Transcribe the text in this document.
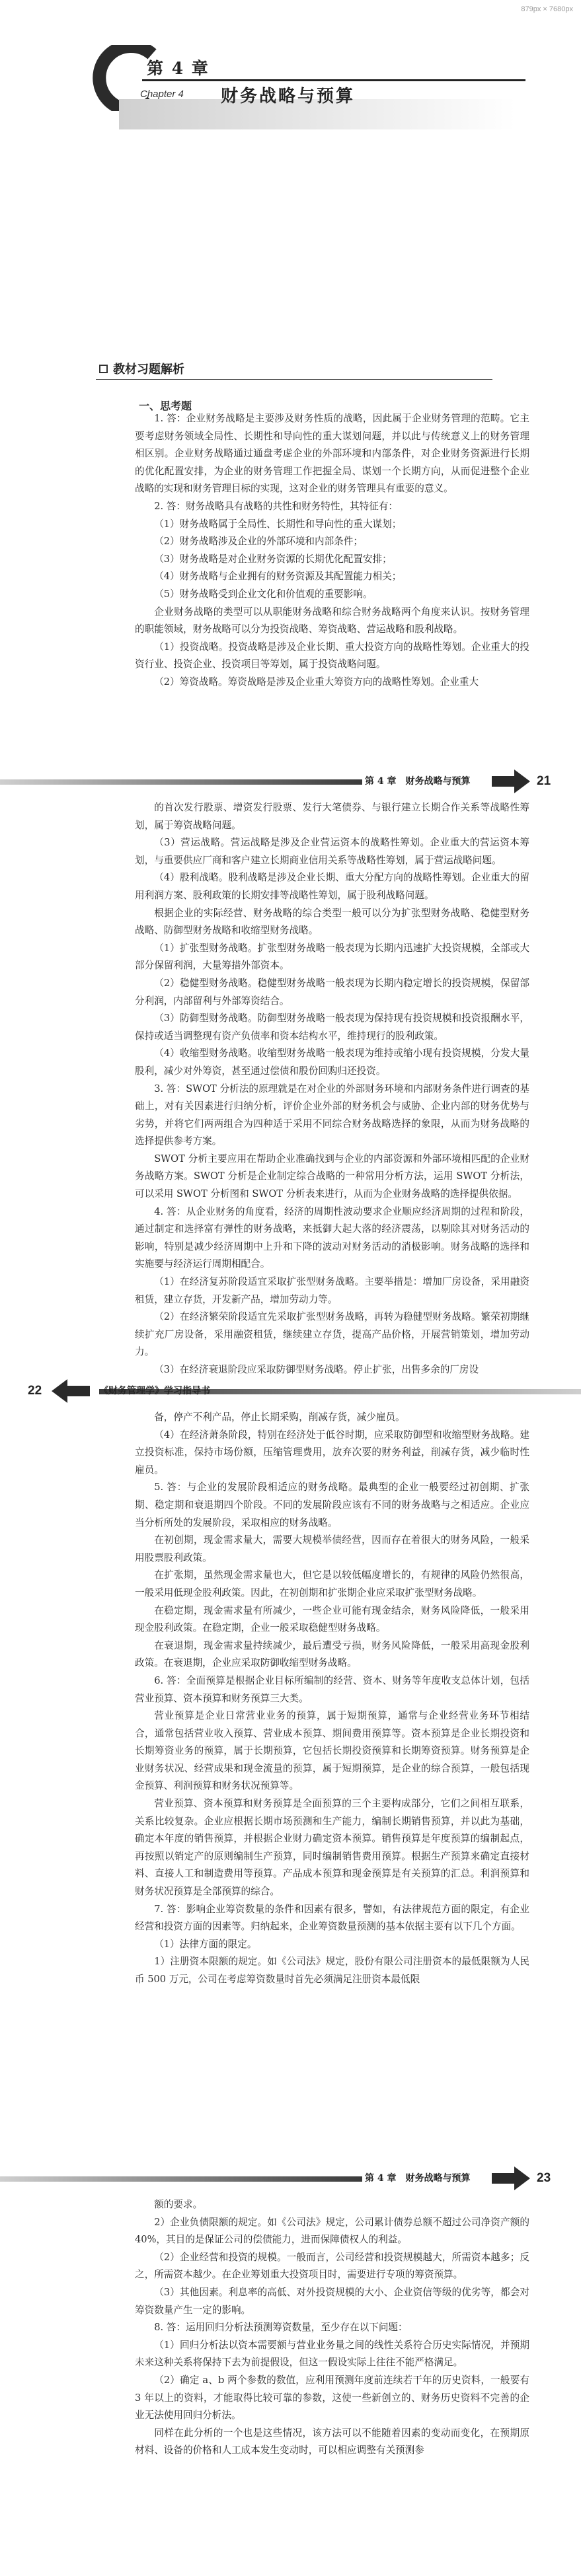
879px × 7680px
第 4 章
Chapter 4 财务战略与预算
教材习题解析
一、思考题

1. 答：企业财务战略是主要涉及财务性质的战略，因此属于企业财务管理的范畴。它主要考虑财务领域全局性、长期性和导向性的重大谋划问题，并以此与传统意义上的财务管理相区别。企业财务战略通过通盘考虑企业的外部环境和内部条件，对企业财务资源进行长期的优化配置安排，为企业的财务管理工作把握全局、谋划一个长期方向，从而促进整个企业战略的实现和财务管理目标的实现，这对企业的财务管理具有重要的意义。

2. 答：财务战略具有战略的共性和财务特性，其特征有：

（1）财务战略属于全局性、长期性和导向性的重大谋划；

（2）财务战略涉及企业的外部环境和内部条件；

（3）财务战略是对企业财务资源的长期优化配置安排；

（4）财务战略与企业拥有的财务资源及其配置能力相关；

（5）财务战略受到企业文化和价值观的重要影响。

企业财务战略的类型可以从职能财务战略和综合财务战略两个角度来认识。按财务管理的职能领域，财务战略可以分为投资战略、筹资战略、营运战略和股利战略。

（1）投资战略。投资战略是涉及企业长期、重大投资方向的战略性筹划。企业重大的投资行业、投资企业、投资项目等筹划，属于投资战略问题。

（2）筹资战略。筹资战略是涉及企业重大筹资方向的战略性筹划。企业重大

的首次发行股票、增资发行股票、发行大笔债券、与银行建立长期合作关系等战略性筹划，属于筹资战略问题。

（3）营运战略。营运战略是涉及企业营运资本的战略性筹划。企业重大的营运资本筹划，与重要供应厂商和客户建立长期商业信用关系等战略性筹划，属于营运战略问题。

（4）股利战略。股利战略是涉及企业长期、重大分配方向的战略性筹划。企业重大的留用利润方案、股利政策的长期安排等战略性筹划，属于股利战略问题。

根据企业的实际经营、财务战略的综合类型一般可以分为扩张型财务战略、稳健型财务战略、防御型财务战略和收缩型财务战略。

（1）扩张型财务战略。扩张型财务战略一般表现为长期内迅速扩大投资规模，全部或大部分保留利润，大量筹措外部资本。

（2）稳健型财务战略。稳健型财务战略一般表现为长期内稳定增长的投资规模，保留部分利润，内部留利与外部筹资结合。

（3）防御型财务战略。防御型财务战略一般表现为保持现有投资规模和投资报酬水平，保持或适当调整现有资产负债率和资本结构水平，维持现行的股利政策。

（4）收缩型财务战略。收缩型财务战略一般表现为维持或缩小现有投资规模，分发大量股利，减少对外筹资，甚至通过偿债和股份回购归还投资。

3. 答：SWOT 分析法的原理就是在对企业的外部财务环境和内部财务条件进行调查的基础上，对有关因素进行归纳分析，评价企业外部的财务机会与威胁、企业内部的财务优势与劣势，并将它们两两组合为四种适于采用不同综合财务战略选择的象限，从而为财务战略的选择提供参考方案。

SWOT 分析主要应用在帮助企业准确找到与企业的内部资源和外部环境相匹配的企业财务战略方案。SWOT 分析是企业制定综合战略的一种常用分析方法，运用 SWOT 分析法，可以采用 SWOT 分析图和 SWOT 分析表来进行，从而为企业财务战略的选择提供依据。

4. 答：从企业财务的角度看，经济的周期性波动要求企业顺应经济周期的过程和阶段，通过制定和选择富有弹性的财务战略，来抵御大起大落的经济震荡，以剔除其对财务活动的影响，特别是减少经济周期中上升和下降的波动对财务活动的消极影响。财务战略的选择和实施要与经济运行周期相配合。

（1）在经济复苏阶段适宜采取扩张型财务战略。主要举措是：增加厂房设备，采用融资租赁，建立存货，开发新产品，增加劳动力等。

（2）在经济繁荣阶段适宜先采取扩张型财务战略，再转为稳健型财务战略。繁荣初期继续扩充厂房设备，采用融资租赁，继续建立存货，提高产品价格，开展营销策划，增加劳动力。

（3）在经济衰退阶段应采取防御型财务战略。停止扩张，出售多余的厂房设

备，停产不利产品，停止长期采购，削减存货，减少雇员。

（4）在经济萧条阶段，特别在经济处于低谷时期，应采取防御型和收缩型财务战略。建立投资标准，保持市场份额，压缩管理费用，放弃次要的财务利益，削减存货，减少临时性雇员。

5. 答：与企业的发展阶段相适应的财务战略。最典型的企业一般要经过初创期、扩张期、稳定期和衰退期四个阶段。不同的发展阶段应该有不同的财务战略与之相适应。企业应当分析所处的发展阶段，采取相应的财务战略。

在初创期，现金需求量大，需要大规模举债经营，因而存在着很大的财务风险，一般采用股票股利政策。

在扩张期，虽然现金需求量也大，但它是以较低幅度增长的，有规律的风险仍然很高，一般采用低现金股利政策。因此，在初创期和扩张期企业应采取扩张型财务战略。

在稳定期，现金需求量有所减少，一些企业可能有现金结余，财务风险降低，一般采用现金股利政策。在稳定期，企业一般采取稳健型财务战略。

在衰退期，现金需求量持续减少，最后遭受亏损，财务风险降低，一般采用高现金股利政策。在衰退期，企业应采取防御收缩型财务战略。

6. 答：全面预算是根据企业目标所编制的经营、资本、财务等年度收支总体计划，包括营业预算、资本预算和财务预算三大类。

营业预算是企业日常营业业务的预算，属于短期预算，通常与企业经营业务环节相结合，通常包括营业收入预算、营业成本预算、期间费用预算等。资本预算是企业长期投资和长期筹资业务的预算，属于长期预算，它包括长期投资预算和长期筹资预算。财务预算是企业财务状况、经营成果和现金流量的预算，属于短期预算，是企业的综合预算，一般包括现金预算、利润预算和财务状况预算等。

营业预算、资本预算和财务预算是全面预算的三个主要构成部分，它们之间相互联系，关系比较复杂。企业应根据长期市场预测和生产能力，编制长期销售预算，并以此为基础，确定本年度的销售预算，并根据企业财力确定资本预算。销售预算是年度预算的编制起点，再按照以销定产的原则编制生产预算，同时编制销售费用预算。根据生产预算来确定直接材料、直接人工和制造费用等预算。产品成本预算和现金预算是有关预算的汇总。利润预算和财务状况预算是全部预算的综合。

7. 答：影响企业筹资数量的条件和因素有很多，譬如，有法律规范方面的限定，有企业经营和投资方面的因素等。归纳起来，企业筹资数量预测的基本依据主要有以下几个方面。

（1）法律方面的限定。

1）注册资本限额的规定。如《公司法》规定，股份有限公司注册资本的最低限额为人民币 500 万元，公司在考虑筹资数量时首先必须满足注册资本最低限

额的要求。

2）企业负债限额的规定。如《公司法》规定，公司累计债券总额不超过公司净资产额的 40%，其目的是保证公司的偿债能力，进而保障债权人的利益。

（2）企业经营和投资的规模。一般而言，公司经营和投资规模越大，所需资本越多；反之，所需资本越少。在企业筹划重大投资项目时，需要进行专项的筹资预算。

（3）其他因素。利息率的高低、对外投资规模的大小、企业资信等级的优劣等，都会对筹资数量产生一定的影响。

8. 答：运用回归分析法预测筹资数量，至少存在以下问题：

（1）回归分析法以资本需要额与营业业务量之间的线性关系符合历史实际情况，并预期未来这种关系将保持下去为前提假设，但这一假设实际上往往不能严格满足。

（2）确定 a、b 两个参数的数值，应利用预测年度前连续若干年的历史资料，一般要有 3 年以上的资料，才能取得比较可靠的参数，这使一些新创立的、财务历史资料不完善的企业无法使用回归分析法。

同样在此分析的一个也是这些情况，该方法可以不能随着因素的变动而变化，在预期原材料、设备的价格和人工成本发生变动时，可以相应调整有关预测参

第 4 章　财务战略与预算	21
《财务管理学》学习指导书
22
第 4 章　财务战略与预算	23
